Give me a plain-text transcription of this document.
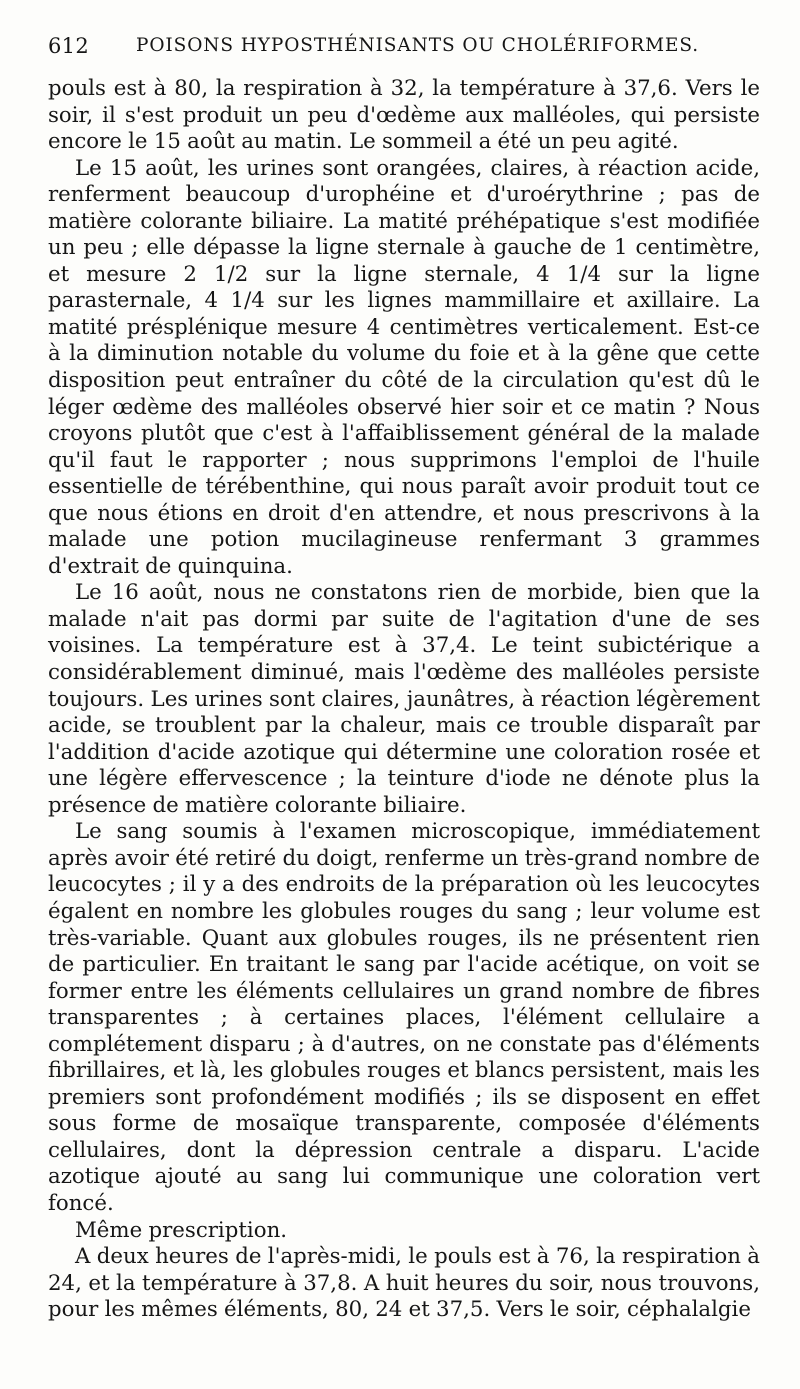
612	POISONS HYPOSTHÉNISANTS OU CHOLÉRIFORMES.

pouls est à 80, la respiration à 32, la température à 37,6. Vers le soir, il s'est produit un peu d'œdème aux malléoles, qui persiste encore le 15 août au matin. Le sommeil a été un peu agité.

Le 15 août, les urines sont orangées, claires, à réaction acide, renferment beaucoup d'urophéine et d'uroérythrine ; pas de matière colorante biliaire. La matité préhépatique s'est modifiée un peu ; elle dépasse la ligne sternale à gauche de 1 centimètre, et mesure 2 1/2 sur la ligne sternale, 4 1/4 sur la ligne parasternale, 4 1/4 sur les lignes mammillaire et axillaire. La matité présplénique mesure 4 centimètres verticalement. Est-ce à la diminution notable du volume du foie et à la gêne que cette disposition peut entraîner du côté de la circulation qu'est dû le léger œdème des malléoles observé hier soir et ce matin ? Nous croyons plutôt que c'est à l'affaiblissement général de la malade qu'il faut le rapporter ; nous supprimons l'emploi de l'huile essentielle de térébenthine, qui nous paraît avoir produit tout ce que nous étions en droit d'en attendre, et nous prescrivons à la malade une potion mucilagineuse renfermant 3 grammes d'extrait de quinquina.

Le 16 août, nous ne constatons rien de morbide, bien que la malade n'ait pas dormi par suite de l'agitation d'une de ses voisines. La température est à 37,4. Le teint subictérique a considérablement diminué, mais l'œdème des malléoles persiste toujours. Les urines sont claires, jaunâtres, à réaction légèrement acide, se troublent par la chaleur, mais ce trouble disparaît par l'addition d'acide azotique qui détermine une coloration rosée et une légère effervescence ; la teinture d'iode ne dénote plus la présence de matière colorante biliaire.

Le sang soumis à l'examen microscopique, immédiatement après avoir été retiré du doigt, renferme un très-grand nombre de leucocytes ; il y a des endroits de la préparation où les leucocytes égalent en nombre les globules rouges du sang ; leur volume est très-variable. Quant aux globules rouges, ils ne présentent rien de particulier. En traitant le sang par l'acide acétique, on voit se former entre les éléments cellulaires un grand nombre de fibres transparentes ; à certaines places, l'élément cellulaire a complétement disparu ; à d'autres, on ne constate pas d'éléments fibrillaires, et là, les globules rouges et blancs persistent, mais les premiers sont profondément modifiés ; ils se disposent en effet sous forme de mosaïque transparente, composée d'éléments cellulaires, dont la dépression centrale a disparu. L'acide azotique ajouté au sang lui communique une coloration vert foncé.

Même prescription.

A deux heures de l'après-midi, le pouls est à 76, la respiration à 24, et la température à 37,8. A huit heures du soir, nous trouvons, pour les mêmes éléments, 80, 24 et 37,5. Vers le soir, céphalalgie
